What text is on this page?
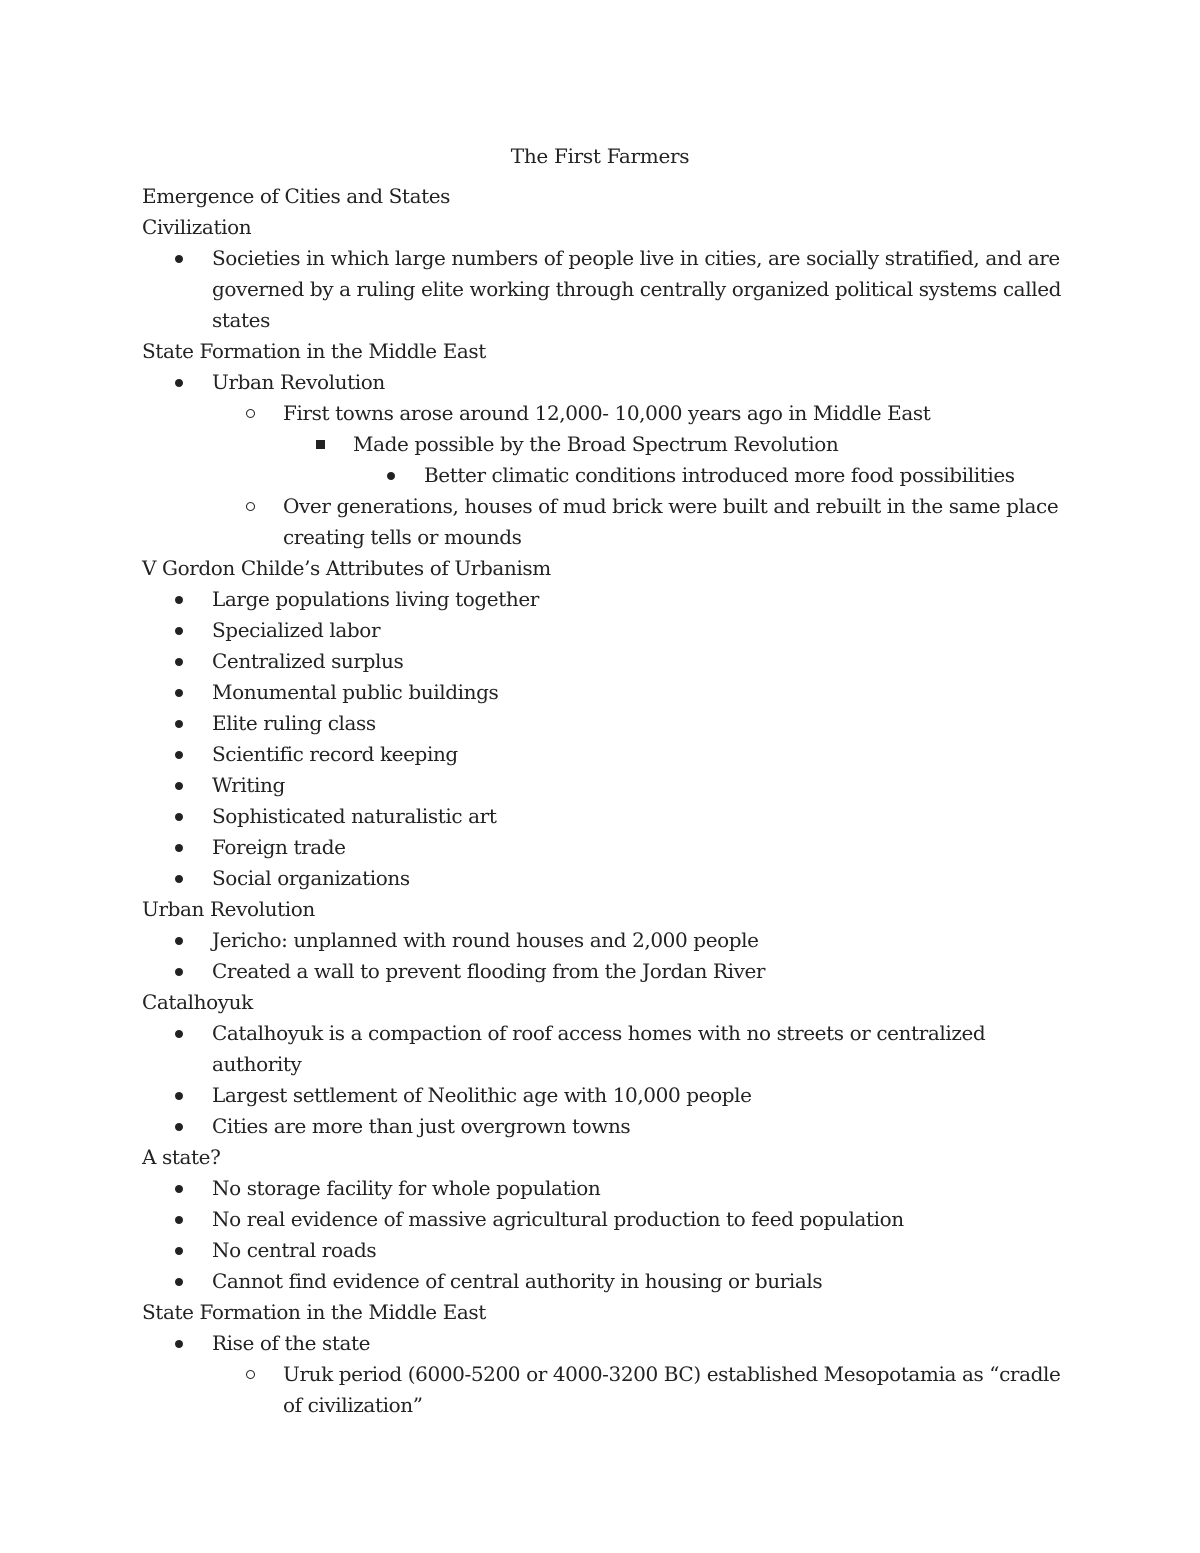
The First Farmers
Emergence of Cities and States
Civilization
Societies in which large numbers of people live in cities, are socially stratified, and are governed by a ruling elite working through centrally organized political systems called states
State Formation in the Middle East
Urban Revolution
First towns arose around 12,000- 10,000 years ago in Middle East
Made possible by the Broad Spectrum Revolution
Better climatic conditions introduced more food possibilities
Over generations, houses of mud brick were built and rebuilt in the same place creating tells or mounds
V Gordon Childe’s Attributes of Urbanism
Large populations living together
Specialized labor
Centralized surplus
Monumental public buildings
Elite ruling class
Scientific record keeping
Writing
Sophisticated naturalistic art
Foreign trade
Social organizations
Urban Revolution
Jericho: unplanned with round houses and 2,000 people
Created a wall to prevent flooding from the Jordan River
Catalhoyuk
Catalhoyuk is a compaction of roof access homes with no streets or centralized authority
Largest settlement of Neolithic age with 10,000 people
Cities are more than just overgrown towns
A state?
No storage facility for whole population
No real evidence of massive agricultural production to feed population
No central roads
Cannot find evidence of central authority in housing or burials
State Formation in the Middle East
Rise of the state
Uruk period (6000-5200 or 4000-3200 BC) established Mesopotamia as “cradle of civilization”
